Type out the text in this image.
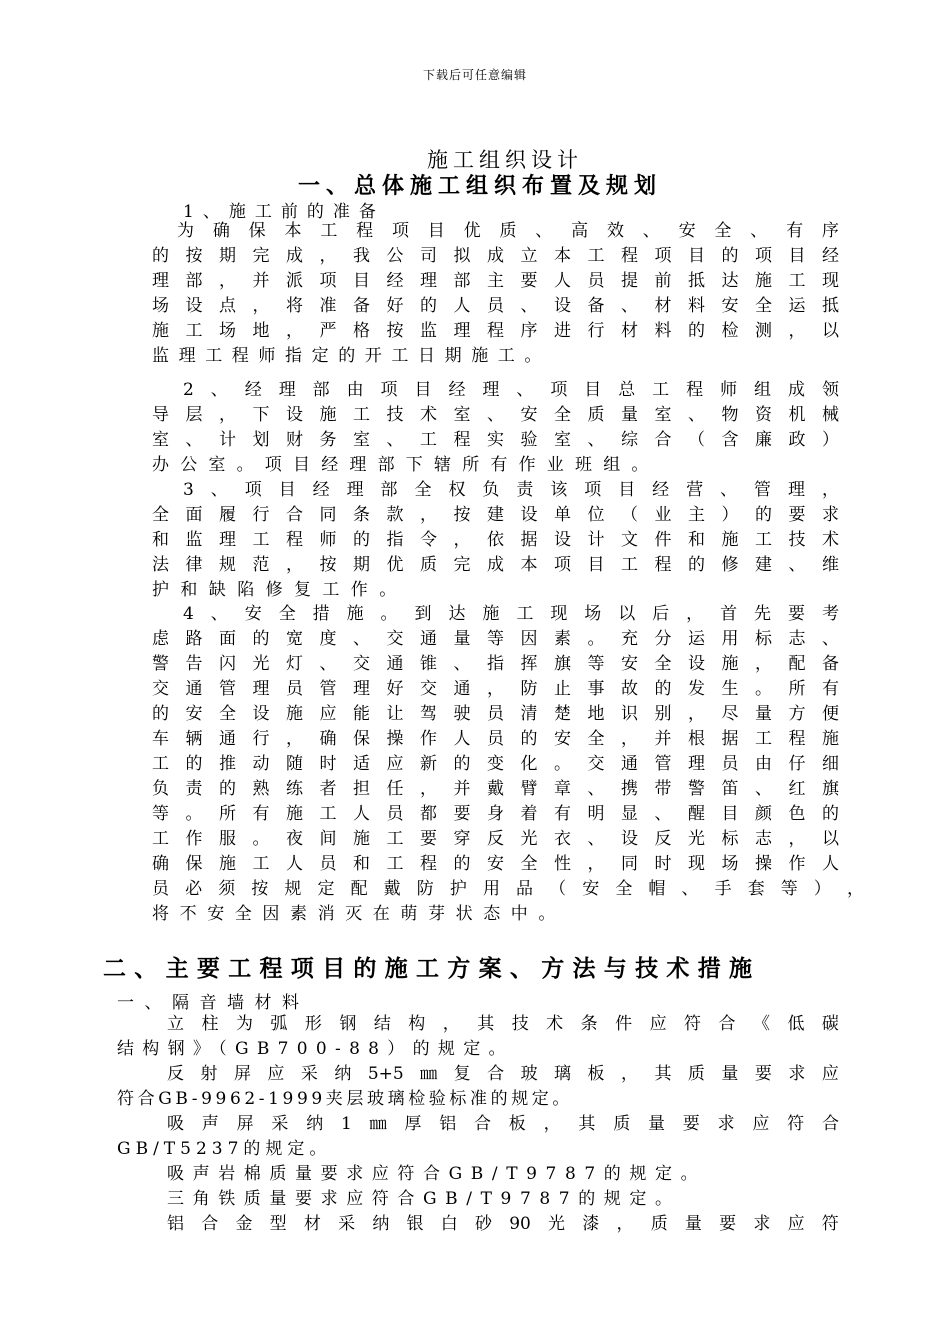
下载后可任意编辑
施工组织设计
一、总体施工组织布置及规划
1、施工前的准备
为 确 保 本 工 程 项 目 优 质 、 高 效 、 安 全 、 有 序
的 按 期 完 成 ， 我 公 司 拟 成 立 本 工 程 项 目 的 项 目 经
理 部 ， 并 派 项 目 经 理 部 主 要 人 员 提 前 抵 达 施 工 现
场 设 点 ， 将 准 备 好 的 人 员 、 设 备 、 材 料 安 全 运 抵
施 工 场 地 ， 严 格 按 监 理 程 序 进 行 材 料 的 检 测 ， 以
监理工程师指定的开工日期施工。
2 、 经 理 部 由 项 目 经 理 、 项 目 总 工 程 师 组 成 领
导 层 ， 下 设 施 工 技 术 室 、 安 全 质 量 室 、 物 资 机 械
室 、 计 划 财 务 室 、 工 程 实 验 室 、 综 合 （ 含 廉 政 ）
办公室。项目经理部下辖所有作业班组。
3 、 项 目 经 理 部 全 权 负 责 该 项 目 经 营 、 管 理 ，
全 面 履 行 合 同 条 款 ， 按 建 设 单 位 （ 业 主 ） 的 要 求
和 监 理 工 程 师 的 指 令 ， 依 据 设 计 文 件 和 施 工 技 术
法 律 规 范 ， 按 期 优 质 完 成 本 项 目 工 程 的 修 建 、 维
护和缺陷修复工作。
4 、 安 全 措 施 。 到 达 施 工 现 场 以 后 ， 首 先 要 考
虑 路 面 的 宽 度 、 交 通 量 等 因 素 。 充 分 运 用 标 志 、
警 告 闪 光 灯 、 交 通 锥 、 指 挥 旗 等 安 全 设 施 ， 配 备
交 通 管 理 员 管 理 好 交 通 ， 防 止 事 故 的 发 生 。 所 有
的 安 全 设 施 应 能 让 驾 驶 员 清 楚 地 识 别 ， 尽 量 方 便
车 辆 通 行 ， 确 保 操 作 人 员 的 安 全 ， 并 根 据 工 程 施
工 的 推 动 随 时 适 应 新 的 变 化 。 交 通 管 理 员 由 仔 细
负 责 的 熟 练 者 担 任 ， 并 戴 臂 章 、 携 带 警 笛 、 红 旗
等 。 所 有 施 工 人 员 都 要 身 着 有 明 显 、 醒 目 颜 色 的
工 作 服 。 夜 间 施 工 要 穿 反 光 衣 、 设 反 光 标 志 ， 以
确 保 施 工 人 员 和 工 程 的 安 全 性 ， 同 时 现 场 操 作 人
员 必 须 按 规 定 配 戴 防 护 用 品 （ 安 全 帽 、 手 套 等 ） ，
将不安全因素消灭在萌芽状态中。
二、主要工程项目的施工方案、方法与技术措施
一、隔音墙材料
立 柱 为 弧 形 钢 结 构 ， 其 技 术 条 件 应 符 合 《 低 碳
结构钢》（GB700-88）的规定。
反 射 屏 应 采 纳 5+5 ㎜ 复 合 玻 璃 板 ， 其 质 量 要 求 应
符合GB-9962-1999夹层玻璃检验标准的规定。
吸 声 屏 采 纳 1 ㎜ 厚 铝 合 板 ， 其 质 量 要 求 应 符 合
GB/T5237的规定。
吸声岩棉质量要求应符合GB/T9787的规定。
三角铁质量要求应符合GB/T9787的规定。
铝 合 金 型 材 采 纳 银 白 砂 90 光 漆 ， 质 量 要 求 应 符
